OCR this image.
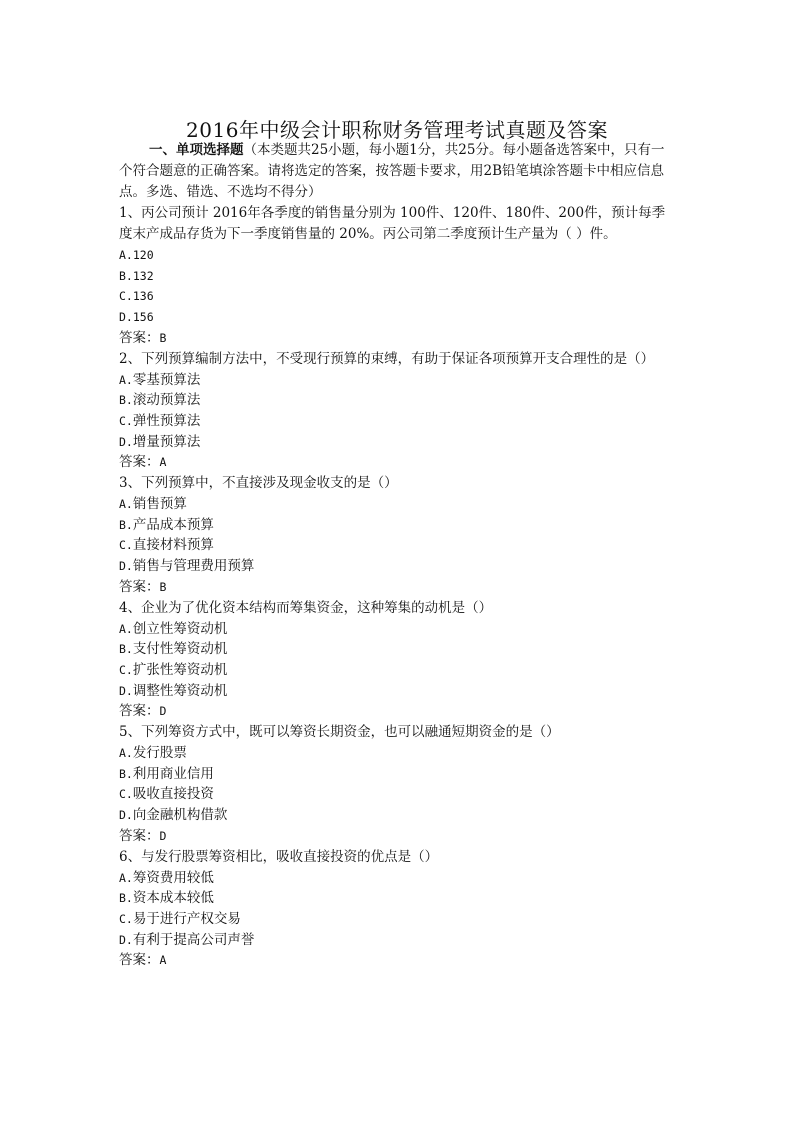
2016年中级会计职称财务管理考试真题及答案

一、单项选择题（本类题共25小题，每小题1分，共25分。每小题备选答案中，只有一个符合题意的正确答案。请将选定的答案，按答题卡要求，用2B铅笔填涂答题卡中相应信息点。多选、错选、不选均不得分）

1、丙公司预计 2016年各季度的销售量分别为 100件、120件、180件、200件，预计每季度末产成品存货为下一季度销售量的 20%。丙公司第二季度预计生产量为（ ）件。

A.120

B.132

C.136

D.156

答案：B

2、下列预算编制方法中，不受现行预算的束缚，有助于保证各项预算开支合理性的是（）

A.零基预算法

B.滚动预算法

C.弹性预算法

D.增量预算法

答案：A

3、下列预算中，不直接涉及现金收支的是（）

A.销售预算

B.产品成本预算

C.直接材料预算

D.销售与管理费用预算

答案：B

4、企业为了优化资本结构而筹集资金，这种筹集的动机是（）

A.创立性筹资动机

B.支付性筹资动机

C.扩张性筹资动机

D.调整性筹资动机

答案：D

5、下列筹资方式中，既可以筹资长期资金，也可以融通短期资金的是（）

A.发行股票

B.利用商业信用

C.吸收直接投资

D.向金融机构借款

答案：D

6、与发行股票筹资相比，吸收直接投资的优点是（）

A.筹资费用较低

B.资本成本较低

C.易于进行产权交易

D.有利于提高公司声誉

答案：A
